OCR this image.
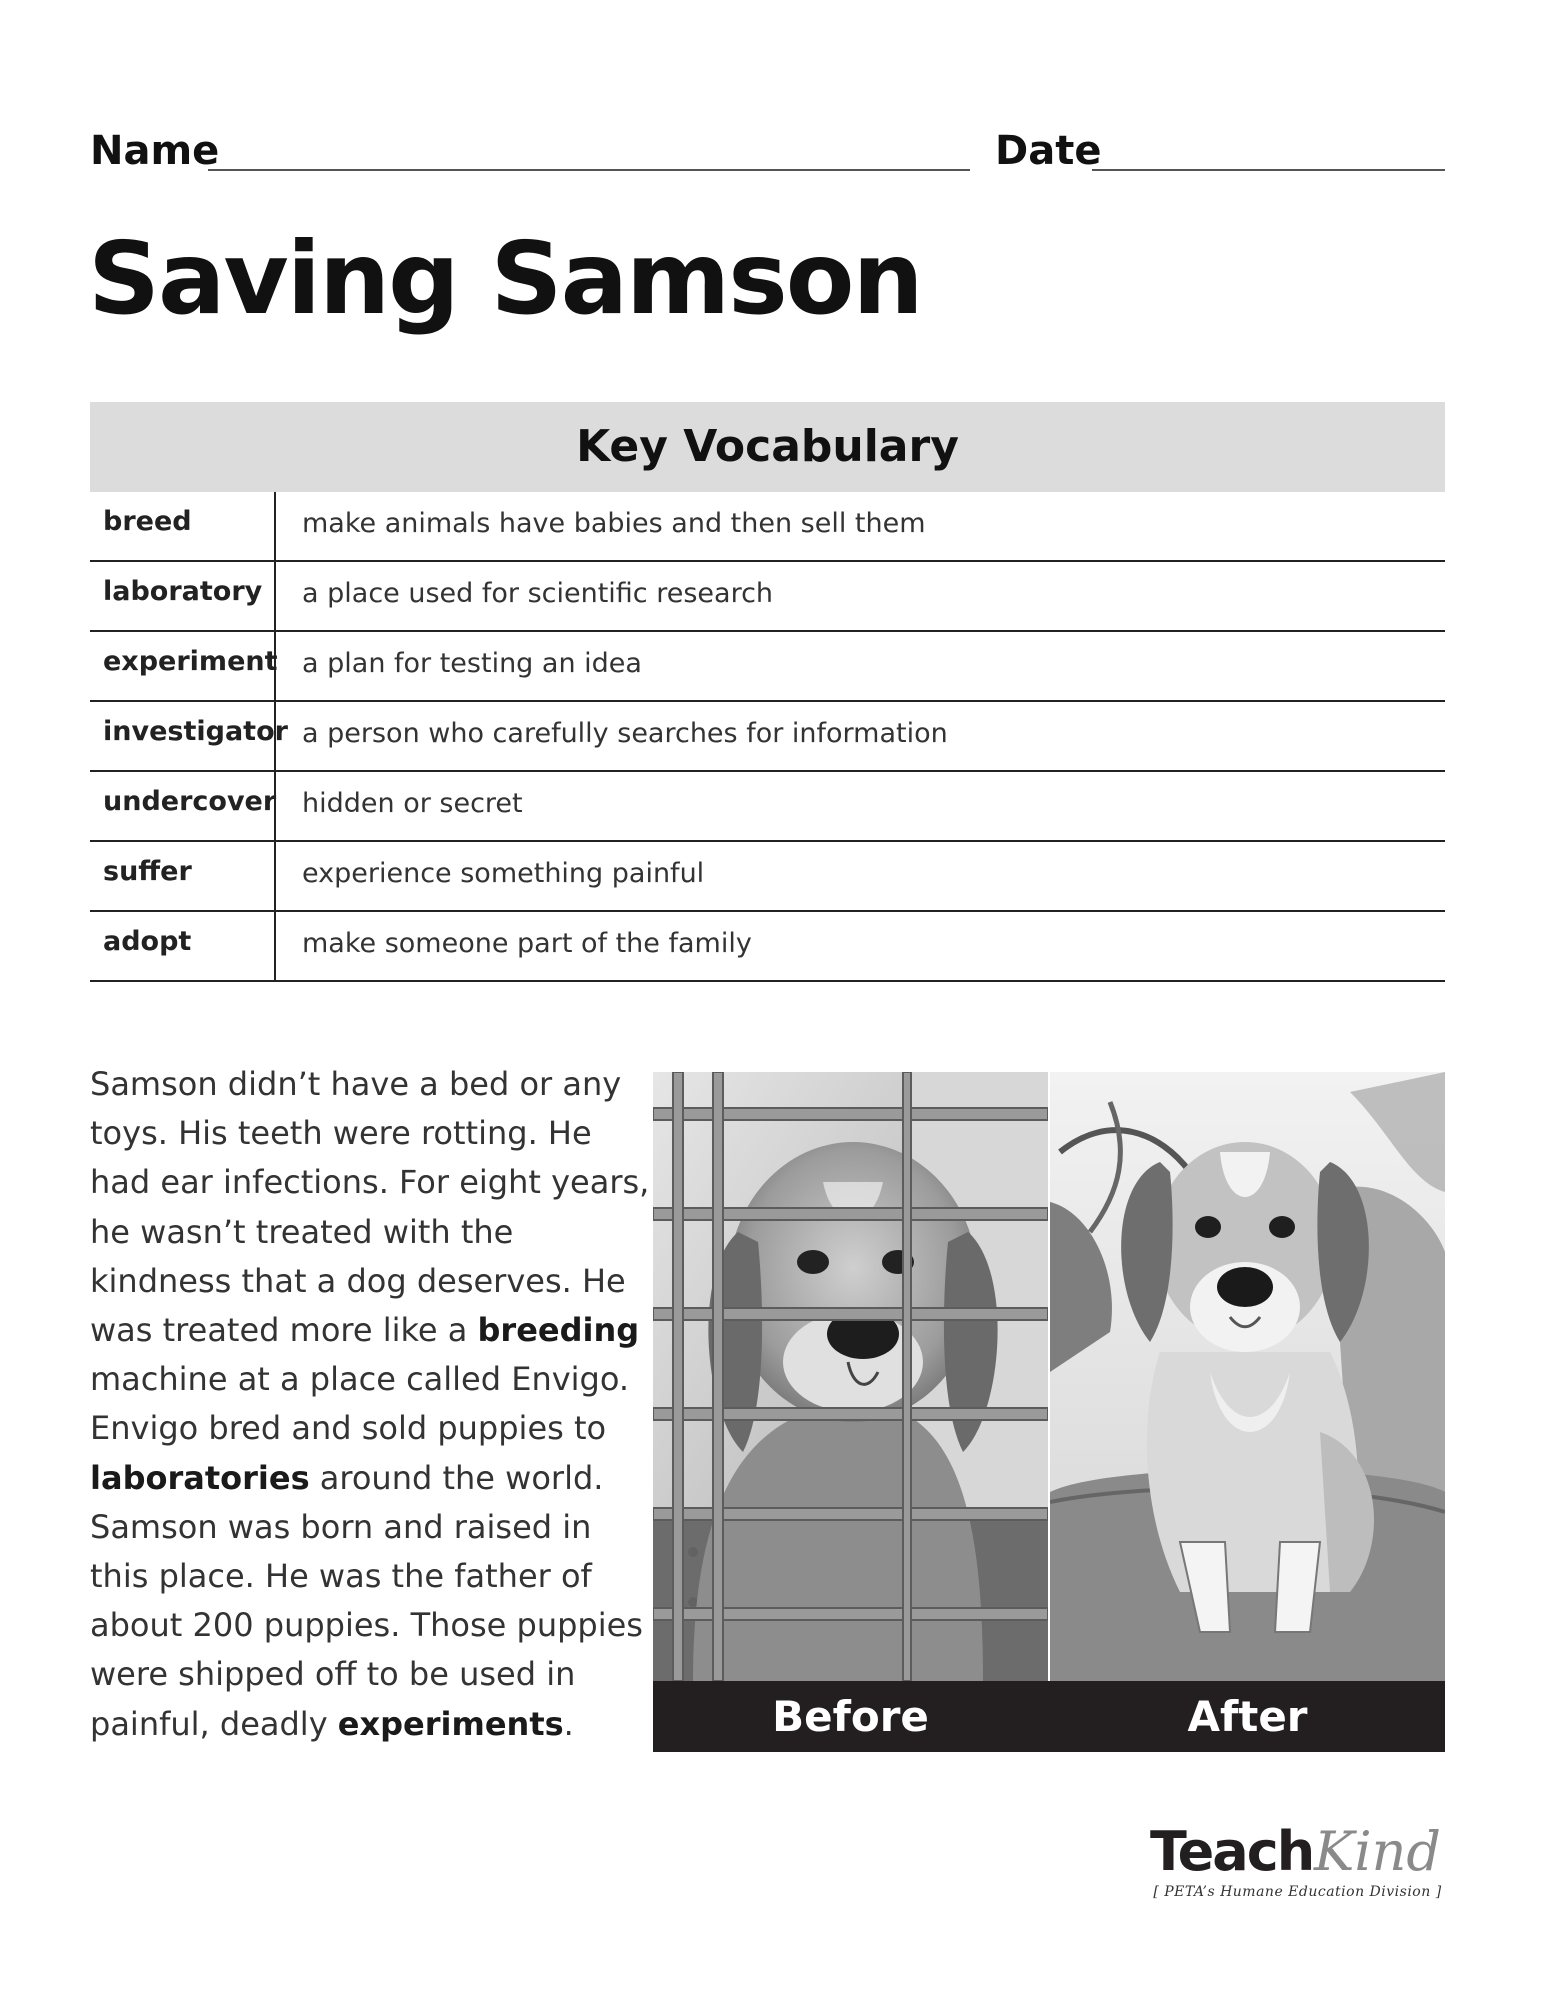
Name	Date
Saving Samson
Key Vocabulary
breed	make animals have babies and then sell them
laboratory	a place used for scientific research
experiment a plan for testing an idea
investigator a person who carefully searches for information
undercover hidden or secret
suffer	experience something painful
adopt	make someone part of the family

Samson didn’t have a bed or any toys. His teeth were rotting. He had ear infections. For eight years, he wasn’t treated with the kindness that a dog deserves. He was treated more like a breeding machine at a place called Envigo. Envigo bred and sold puppies to laboratories around the world. Samson was born and raised in this place. He was the father of about 200 puppies. Those puppies were shipped off to be used in painful, deadly experiments.	Before	After
Teach Kind
[ PETA’s Humane Education Division ]
